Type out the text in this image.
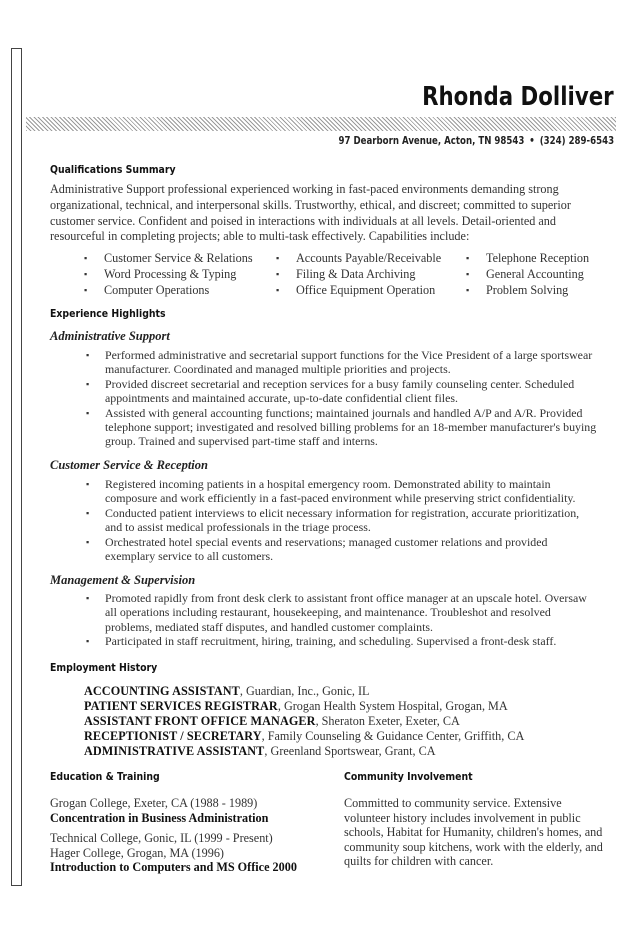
Rhonda Dolliver
97 Dearborn Avenue, Acton, TN 98543 • (324) 289-6543
Qualifications Summary

Administrative Support professional experienced working in fast-paced environments demanding strong organizational, technical, and interpersonal skills. Trustworthy, ethical, and discreet; committed to superior customer service. Confident and poised in interactions with individuals at all levels. Detail-oriented and resourceful in completing projects; able to multi-task effectively. Capabilities include:

▪ Customer Service & Relations	▪ Accounts Payable/Receivable	▪ Telephone Reception
▪ Word Processing & Typing	▪ Filing & Data Archiving	▪ General Accounting
▪ Computer Operations	▪ Office Equipment Operation	▪ Problem Solving
Experience Highlights
Administrative Support
▪ Performed administrative and secretarial support functions for the Vice President of a large sportswear manufacturer. Coordinated and managed multiple priorities and projects.
▪ Provided discreet secretarial and reception services for a busy family counseling center. Scheduled appointments and maintained accurate, up-to-date confidential client files.
▪ Assisted with general accounting functions; maintained journals and handled A/P and A/R. Provided telephone support; investigated and resolved billing problems for an 18-member manufacturer's buying group. Trained and supervised part-time staff and interns.
Customer Service & Reception
▪ Registered incoming patients in a hospital emergency room. Demonstrated ability to maintain composure and work efficiently in a fast-paced environment while preserving strict confidentiality.
▪ Conducted patient interviews to elicit necessary information for registration, accurate prioritization, and to assist medical professionals in the triage process.
▪ Orchestrated hotel special events and reservations; managed customer relations and provided exemplary service to all customers.
Management & Supervision
▪ Promoted rapidly from front desk clerk to assistant front office manager at an upscale hotel. Oversaw all operations including restaurant, housekeeping, and maintenance. Troubleshot and resolved problems, mediated staff disputes, and handled customer complaints.
▪ Participated in staff recruitment, hiring, training, and scheduling. Supervised a front-desk staff.
Employment History
ACCOUNTING ASSISTANT, Guardian, Inc., Gonic, IL
PATIENT SERVICES REGISTRAR, Grogan Health System Hospital, Grogan, MA
ASSISTANT FRONT OFFICE MANAGER, Sheraton Exeter, Exeter, CA
RECEPTIONIST / SECRETARY, Family Counseling & Guidance Center, Griffith, CA
ADMINISTRATIVE ASSISTANT, Greenland Sportswear, Grant, CA
Education & Training
Grogan College, Exeter, CA (1988 - 1989)
Concentration in Business Administration
Technical College, Gonic, IL (1999 - Present)
Hager College, Grogan, MA (1996)
Introduction to Computers and MS Office 2000
Community Involvement

Committed to community service. Extensive volunteer history includes involvement in public schools, Habitat for Humanity, children's homes, and community soup kitchens, work with the elderly, and quilts for children with cancer.
